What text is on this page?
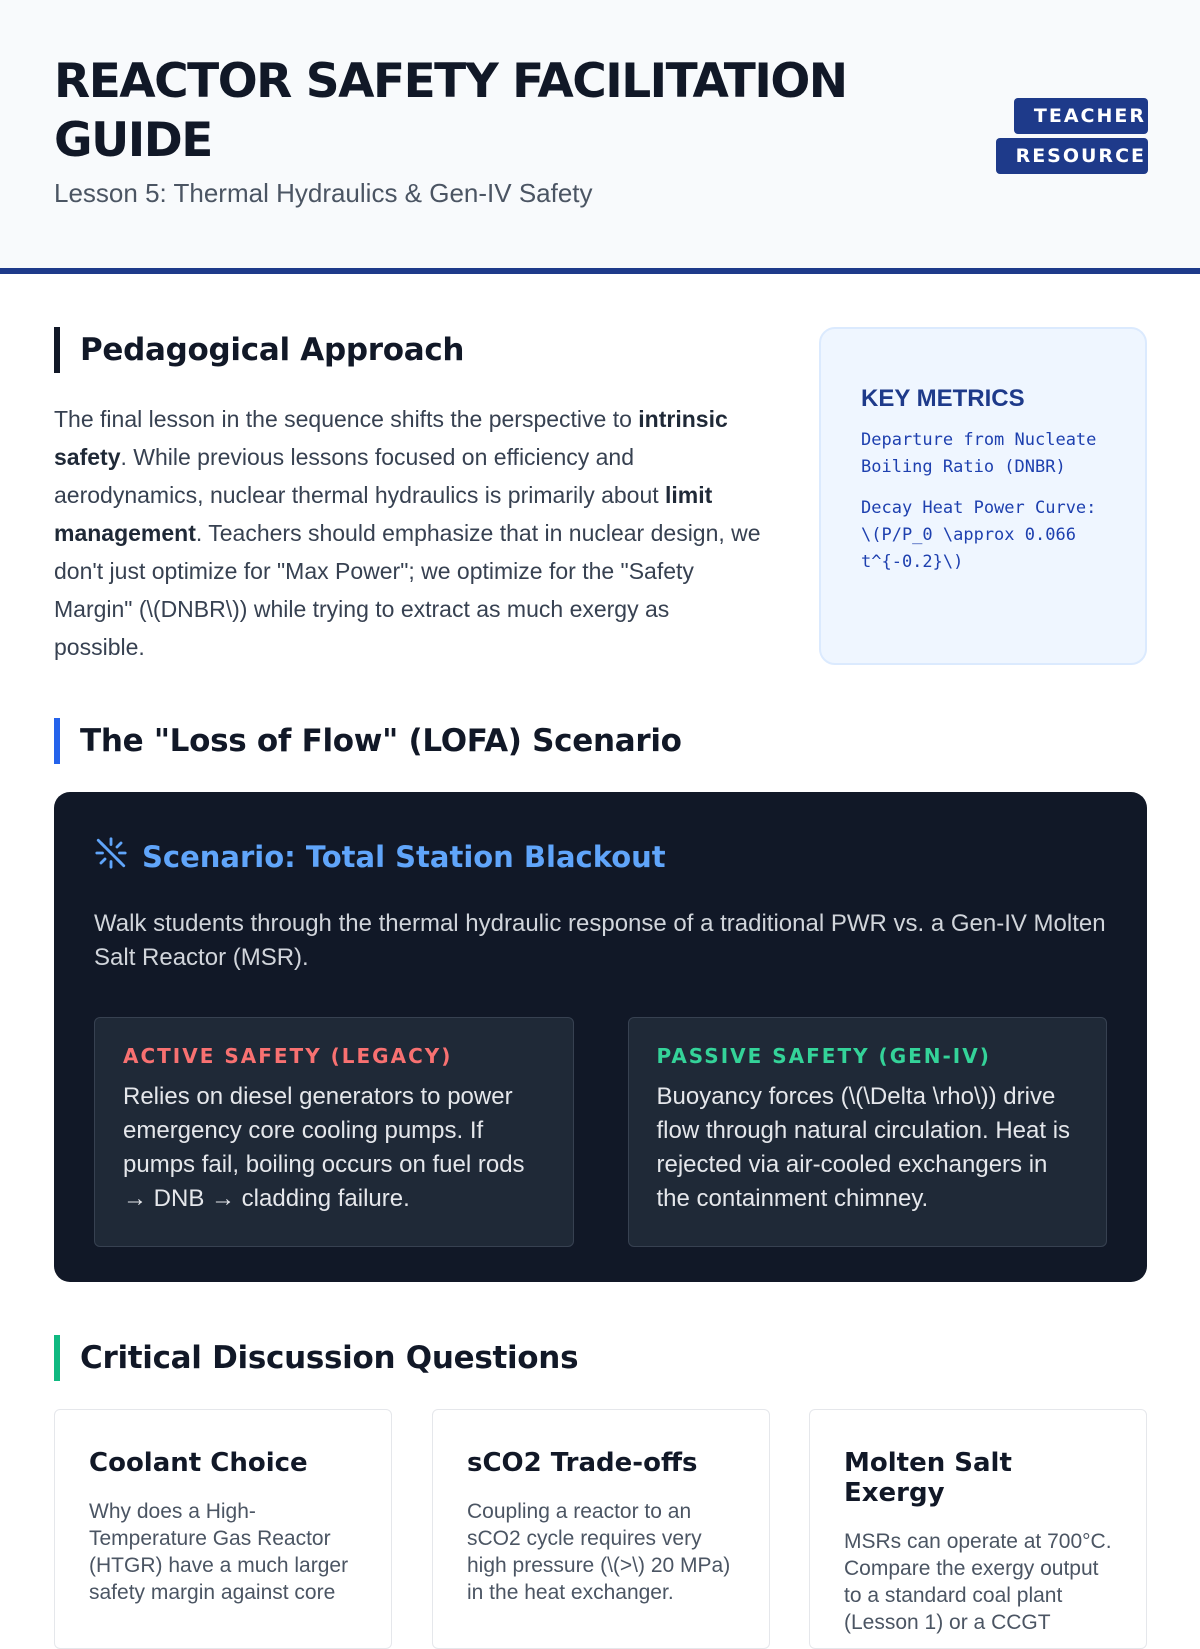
REACTOR SAFETY FACILITATION GUIDE
Lesson 5: Thermal Hydraulics & Gen-IV Safety
TEACHER RESOURCE
Pedagogical Approach

The final lesson in the sequence shifts the perspective to intrinsic safety. While previous lessons focused on efficiency and aerodynamics, nuclear thermal hydraulics is primarily about limit management. Teachers should emphasize that in nuclear design, we don't just optimize for "Max Power"; we optimize for the "Safety Margin" (\(DNBR\)) while trying to extract as much exergy as possible.

KEY METRICS
Departure from Nucleate Boiling Ratio (DNBR)
Decay Heat Power Curve: \(P/P_0 \approx 0.066 t^{-0.2}\)
The "Loss of Flow" (LOFA) Scenario
Scenario: Total Station Blackout

Walk students through the thermal hydraulic response of a traditional PWR vs. a Gen-IV Molten Salt Reactor (MSR).

ACTIVE SAFETY (LEGACY)
Relies on diesel generators to power emergency core cooling pumps. If pumps fail, boiling occurs on fuel rods → DNB → cladding failure.
PASSIVE SAFETY (GEN-IV)
Buoyancy forces (\(\Delta \rho\)) drive flow through natural circulation. Heat is rejected via air-cooled exchangers in the containment chimney.
Critical Discussion Questions
Coolant Choice
Why does a High-Temperature Gas Reactor (HTGR) have a much larger safety margin against core
sCO2 Trade-offs
Coupling a reactor to an sCO2 cycle requires very high pressure (\(>\) 20 MPa) in the heat exchanger.
Molten Salt Exergy
MSRs can operate at 700°C. Compare the exergy output to a standard coal plant (Lesson 1) or a CCGT
